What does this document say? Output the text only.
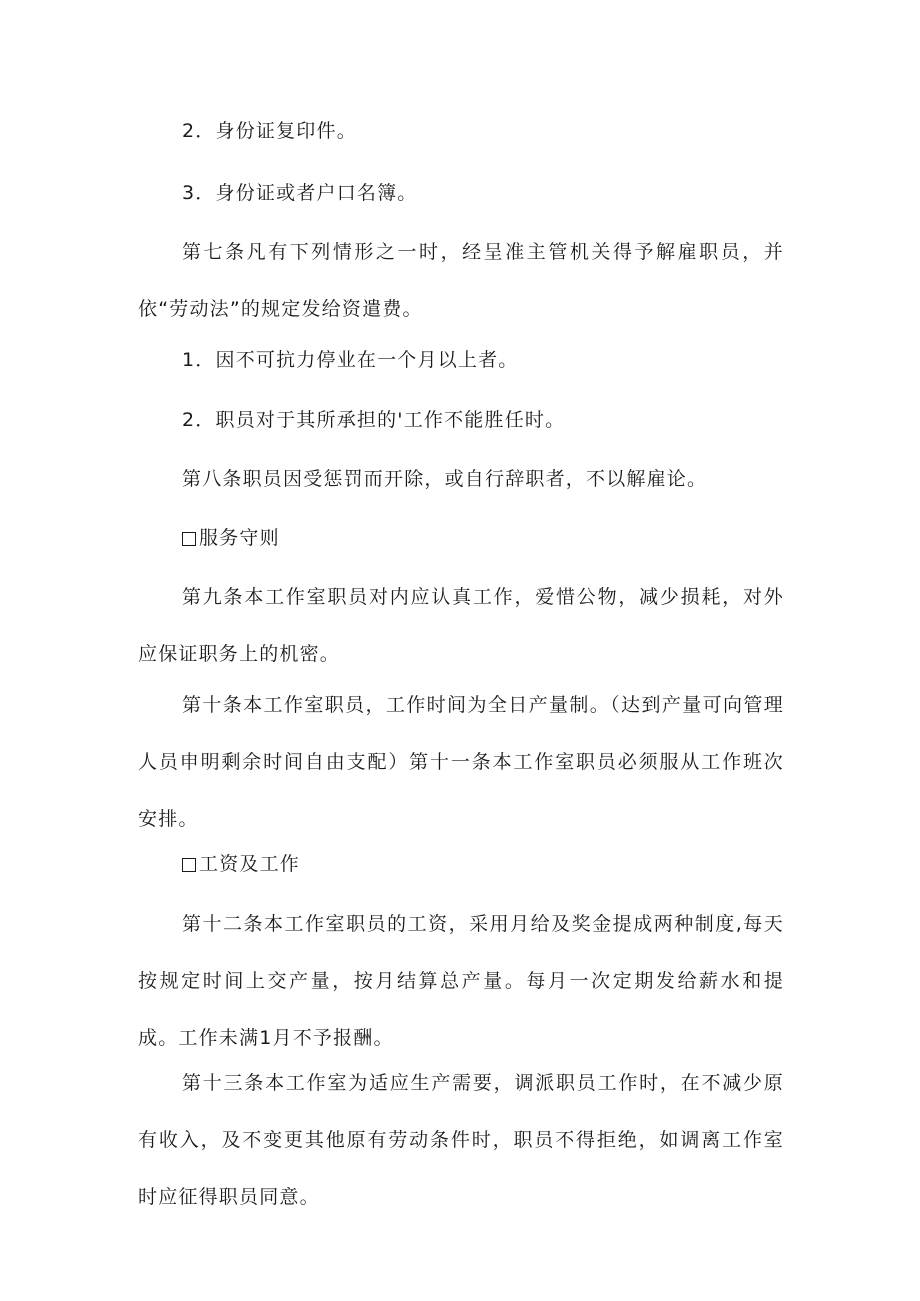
2．身份证复印件。

3．身份证或者户口名簿。

第七条凡有下列情形之一时，经呈准主管机关得予解雇职员，并依“劳动法”的规定发给资遣费。

1．因不可抗力停业在一个月以上者。

2．职员对于其所承担的'工作不能胜任时。

第八条职员因受惩罚而开除，或自行辞职者，不以解雇论。

服务守则

第九条本工作室职员对内应认真工作，爱惜公物，减少损耗，对外应保证职务上的机密。

第十条本工作室职员，工作时间为全日产量制。（达到产量可向管理人员申明剩余时间自由支配）第十一条本工作室职员必须服从工作班次安排。

工资及工作

第十二条本工作室职员的工资，采用月给及奖金提成两种制度,每天按规定时间上交产量，按月结算总产量。每月一次定期发给薪水和提成。工作未满1月不予报酬。

第十三条本工作室为适应生产需要，调派职员工作时，在不减少原有收入，及不变更其他原有劳动条件时，职员不得拒绝，如调离工作室时应征得职员同意。
